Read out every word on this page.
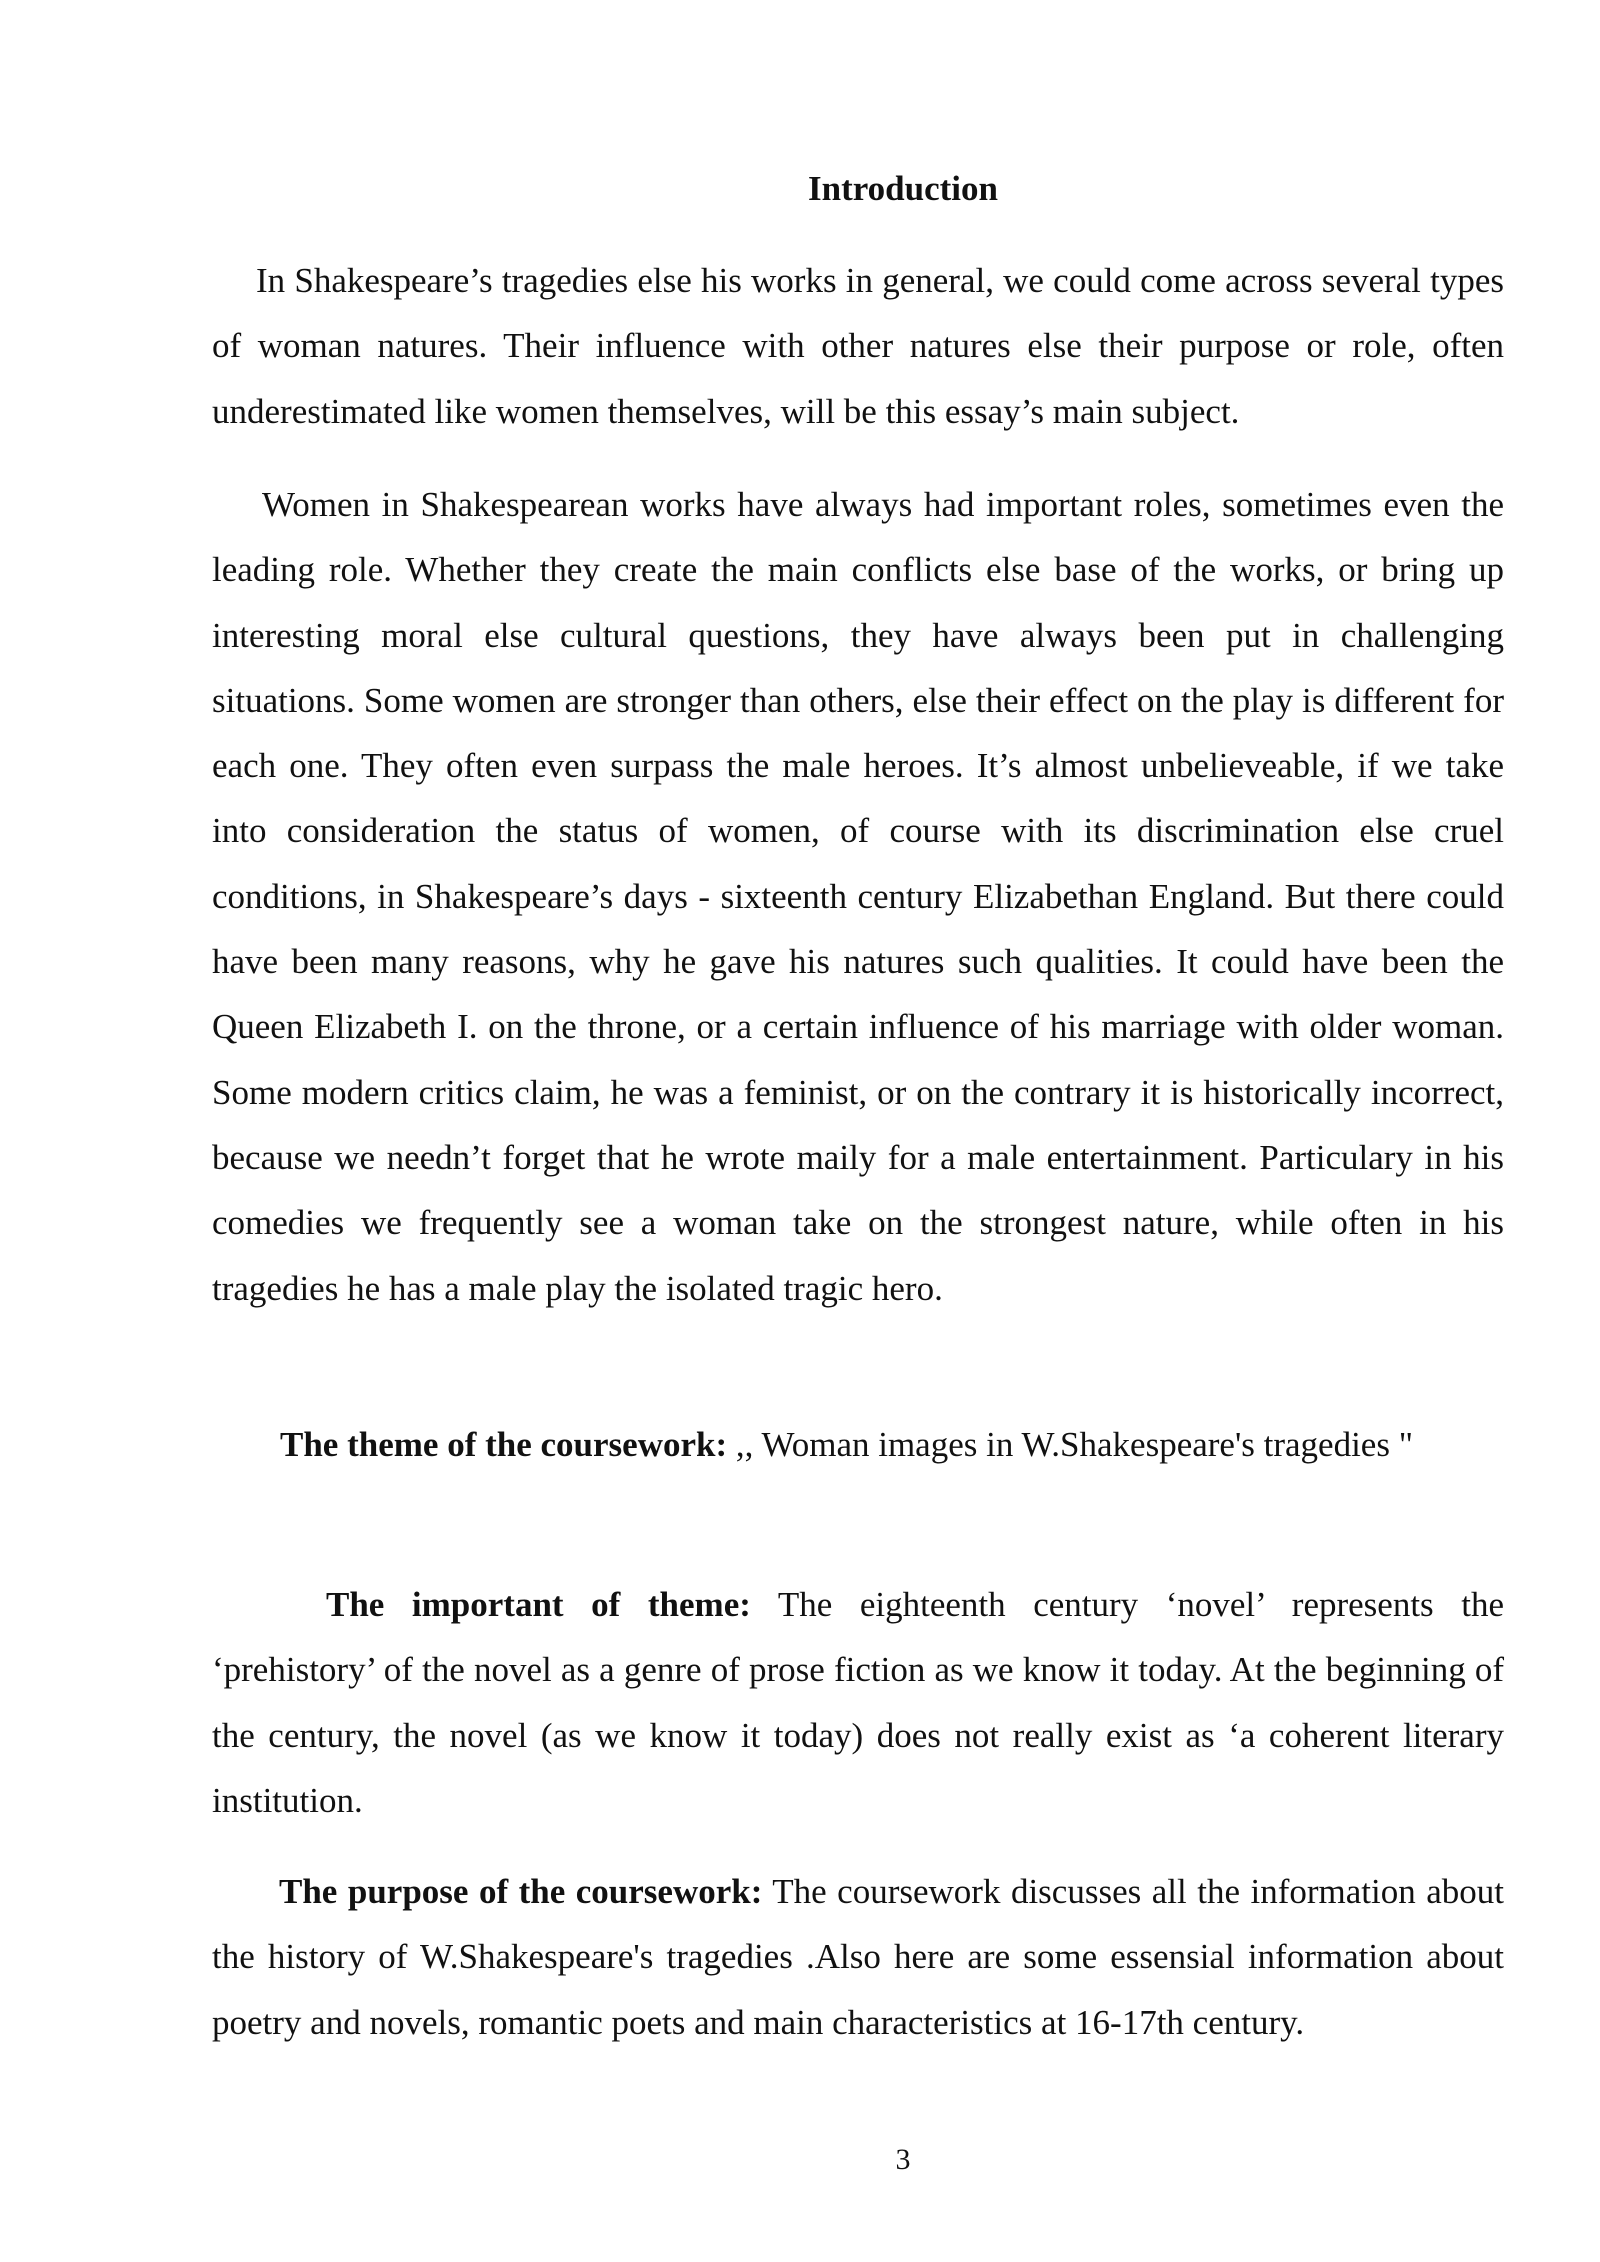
Introduction

In Shakespeare’s tragedies else his works in general, we could come across several types of woman natures. Their influence with other natures else their purpose or role, often underestimated like women themselves, will be this essay’s main subject.

Women in Shakespearean works have always had important roles, sometimes even the leading role. Whether they create the main conflicts else base of the works, or bring up interesting moral else cultural questions, they have always been put in challenging situations. Some women are stronger than others, else their effect on the play is different for each one. They often even surpass the male heroes. It’s almost unbelieveable, if we take into consideration the status of women, of course with its discrimination else cruel conditions, in Shakespeare’s days - sixteenth century Elizabethan England. But there could have been many reasons, why he gave his natures such qualities. It could have been the Queen Elizabeth I. on the throne, or a certain influence of his marriage with older woman. Some modern critics claim, he was a feminist, or on the contrary it is historically incorrect, because we needn’t forget that he wrote maily for a male entertainment. Particulary in his comedies we frequently see a woman take on the strongest nature, while often in his tragedies he has a male play the isolated tragic hero.

The theme of the coursework: ,, Woman images in W.Shakespeare's tragedies "

The important of theme: The eighteenth century ‘novel’ represents the ‘prehistory’ of the novel as a genre of prose fiction as we know it today. At the beginning of the century, the novel (as we know it today) does not really exist as ‘a coherent literary institution.

The purpose of the coursework: The coursework discusses all the information about the history of W.Shakespeare's tragedies .Also here are some essensial information about poetry and novels, romantic poets and main characteristics at 16-17th century.

3
